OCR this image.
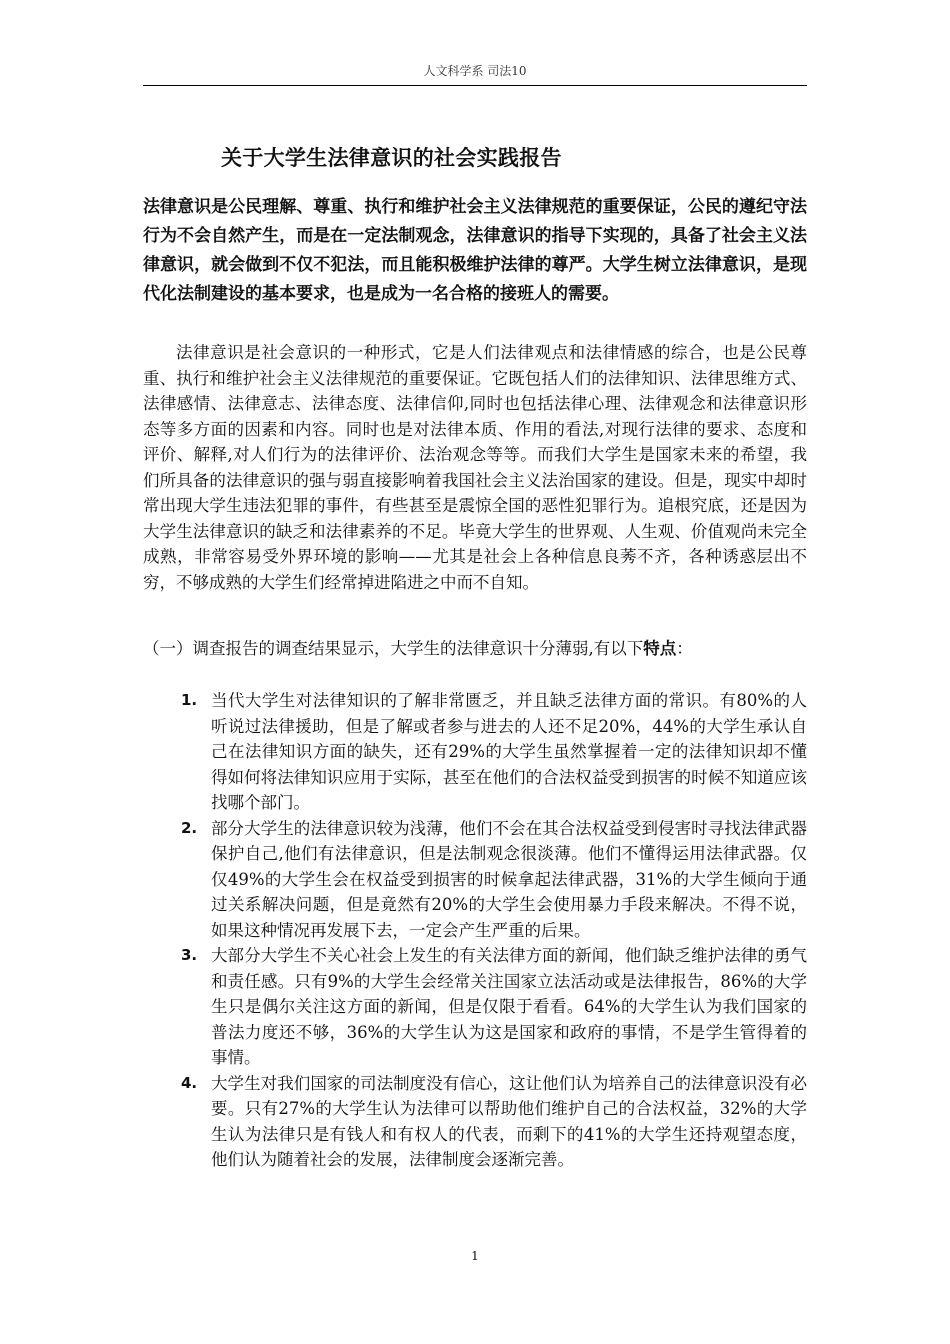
人文科学系 司法10
关于大学生法律意识的社会实践报告

法律意识是公民理解、尊重、执行和维护社会主义法律规范的重要保证，公民的遵纪守法行为不会自然产生，而是在一定法制观念，法律意识的指导下实现的，具备了社会主义法律意识，就会做到不仅不犯法，而且能积极维护法律的尊严。大学生树立法律意识，是现代化法制建设的基本要求，也是成为一名合格的接班人的需要。

法律意识是社会意识的一种形式，它是人们法律观点和法律情感的综合，也是公民尊重、执行和维护社会主义法律规范的重要保证。它既包括人们的法律知识、法律思维方式、法律感情、法律意志、法律态度、法律信仰,同时也包括法律心理、法律观念和法律意识形态等多方面的因素和内容。同时也是对法律本质、作用的看法,对现行法律的要求、态度和评价、解释,对人们行为的法律评价、法治观念等等。而我们大学生是国家未来的希望，我们所具备的法律意识的强与弱直接影响着我国社会主义法治国家的建设。但是，现实中却时常出现大学生违法犯罪的事件，有些甚至是震惊全国的恶性犯罪行为。追根究底，还是因为大学生法律意识的缺乏和法律素养的不足。毕竟大学生的世界观、人生观、价值观尚未完全成熟，非常容易受外界环境的影响——尤其是社会上各种信息良莠不齐，各种诱惑层出不穷，不够成熟的大学生们经常掉进陷进之中而不自知。

（一）调查报告的调查结果显示，大学生的法律意识十分薄弱,有以下特点：

1. 当代大学生对法律知识的了解非常匮乏，并且缺乏法律方面的常识。有80%的人听说过法律援助，但是了解或者参与进去的人还不足20%，44%的大学生承认自己在法律知识方面的缺失，还有29%的大学生虽然掌握着一定的法律知识却不懂得如何将法律知识应用于实际，甚至在他们的合法权益受到损害的时候不知道应该找哪个部门。
2. 部分大学生的法律意识较为浅薄，他们不会在其合法权益受到侵害时寻找法律武器保护自己,他们有法律意识，但是法制观念很淡薄。他们不懂得运用法律武器。仅仅49%的大学生会在权益受到损害的时候拿起法律武器，31%的大学生倾向于通过关系解决问题，但是竟然有20%的大学生会使用暴力手段来解决。不得不说，如果这种情况再发展下去，一定会产生严重的后果。
3. 大部分大学生不关心社会上发生的有关法律方面的新闻，他们缺乏维护法律的勇气和责任感。只有9%的大学生会经常关注国家立法活动或是法律报告，86%的大学生只是偶尔关注这方面的新闻，但是仅限于看看。64%的大学生认为我们国家的普法力度还不够，36%的大学生认为这是国家和政府的事情，不是学生管得着的事情。
4. 大学生对我们国家的司法制度没有信心，这让他们认为培养自己的法律意识没有必要。只有27%的大学生认为法律可以帮助他们维护自己的合法权益，32%的大学生认为法律只是有钱人和有权人的代表，而剩下的41%的大学生还持观望态度，他们认为随着社会的发展，法律制度会逐渐完善。
1
